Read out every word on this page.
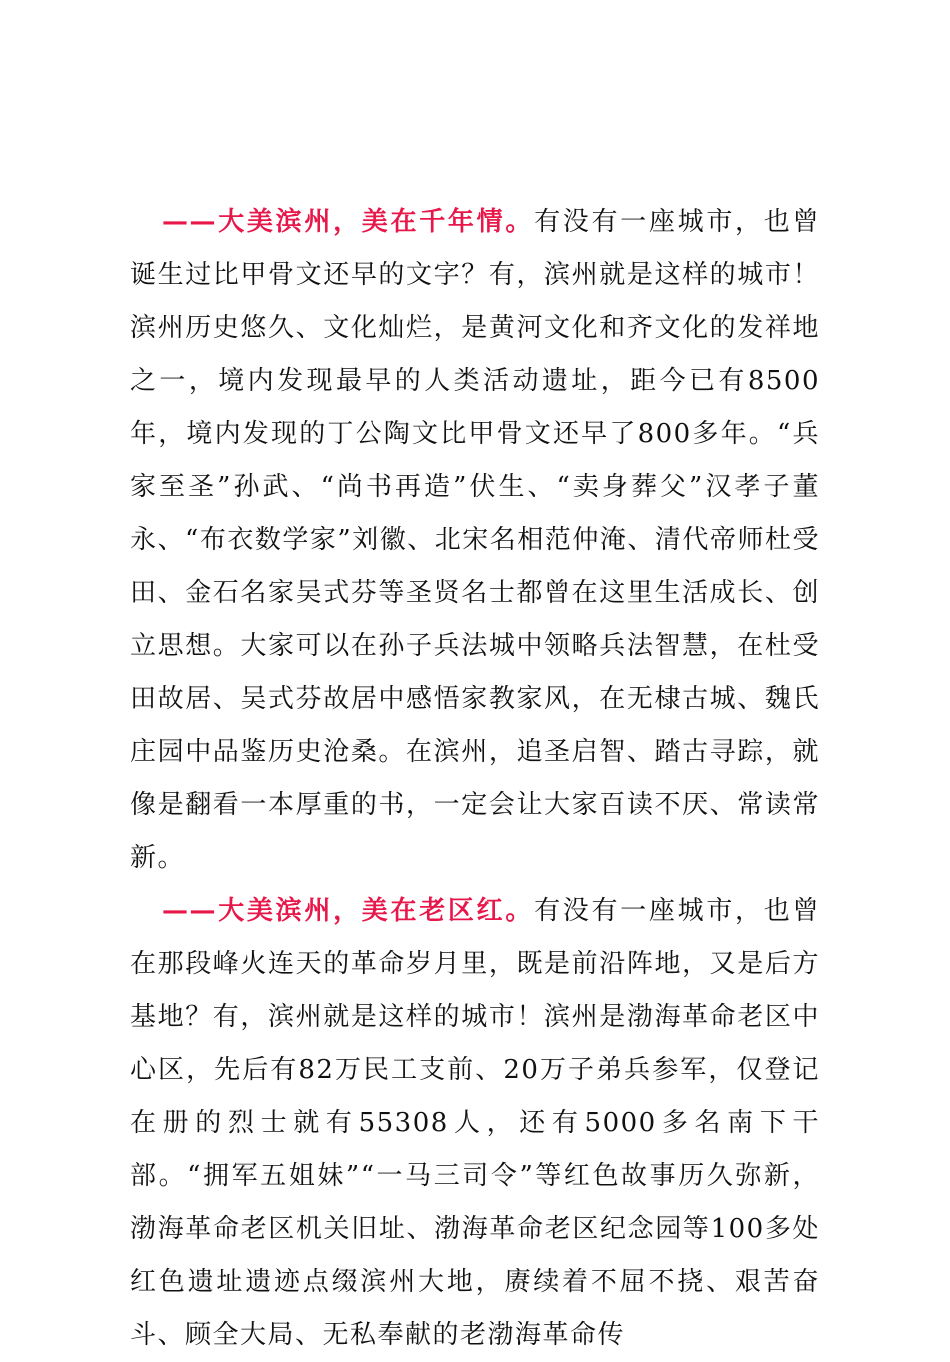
——大美滨州，美在千年情。有没有一座城市，也曾诞生过比甲骨文还早的文字？有，滨州就是这样的城市！滨州历史悠久、文化灿烂，是黄河文化和齐文化的发祥地之一，境内发现最早的人类活动遗址，距今已有8500年，境内发现的丁公陶文比甲骨文还早了800多年。“兵家至圣”孙武、“尚书再造”伏生、“卖身葬父”汉孝子董永、“布衣数学家”刘徽、北宋名相范仲淹、清代帝师杜受田、金石名家吴式芬等圣贤名士都曾在这里生活成长、创立思想。大家可以在孙子兵法城中领略兵法智慧，在杜受田故居、吴式芬故居中感悟家教家风，在无棣古城、魏氏庄园中品鉴历史沧桑。在滨州，追圣启智、踏古寻踪，就像是翻看一本厚重的书，一定会让大家百读不厌、常读常新。

——大美滨州，美在老区红。有没有一座城市，也曾在那段峰火连天的革命岁月里，既是前沿阵地，又是后方基地？有，滨州就是这样的城市！滨州是渤海革命老区中心区，先后有82万民工支前、20万子弟兵参军，仅登记在册的烈士就有55308人，还有5000多名南下干部。“拥军五姐妹”“一马三司令”等红色故事历久弥新，渤海革命老区机关旧址、渤海革命老区纪念园等100多处红色遗址遗迹点缀滨州大地，赓续着不屈不挠、艰苦奋斗、顾全大局、无私奉献的老渤海革命传
